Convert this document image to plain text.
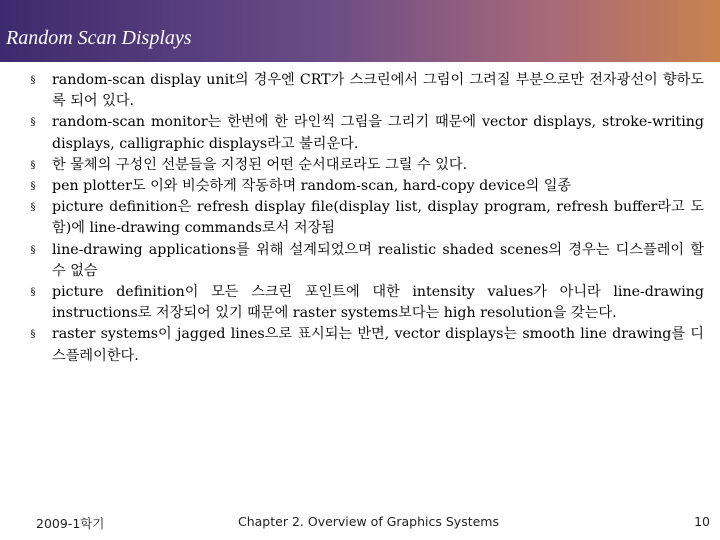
Random Scan Displays
§ random-scan display unit의 경우엔 CRT가 스크린에서 그림이 그려질 부분으로만 전자광선이 향하도록 되어 있다.
§ random-scan monitor는 한번에 한 라인씩 그림을 그리기 때문에 vector displays, stroke-writing displays, calligraphic displays라고 불리운다.
§ 한 물체의 구성인 선분들을 지정된 어떤 순서대로라도 그릴 수 있다.
§ pen plotter도 이와 비슷하게 작동하며 random-scan, hard-copy device의 일종
§ picture definition은 refresh display file(display list, display program, refresh buffer라고 도 함)에 line-drawing commands로서 저장됨
§ line-drawing applications를 위해 설계되었으며 realistic shaded scenes의 경우는 디스플레이 할 수 없슴
§ picture definition이 모든 스크린 포인트에 대한 intensity values가 아니라 line-drawing instructions로 저장되어 있기 때문에 raster systems보다는 high resolution을 갖는다.
§ raster systems이 jagged lines으로 표시되는 반면, vector displays는 smooth line drawing를 디스플레이한다.
2009-1학기	Chapter 2. Overview of Graphics Systems	10
